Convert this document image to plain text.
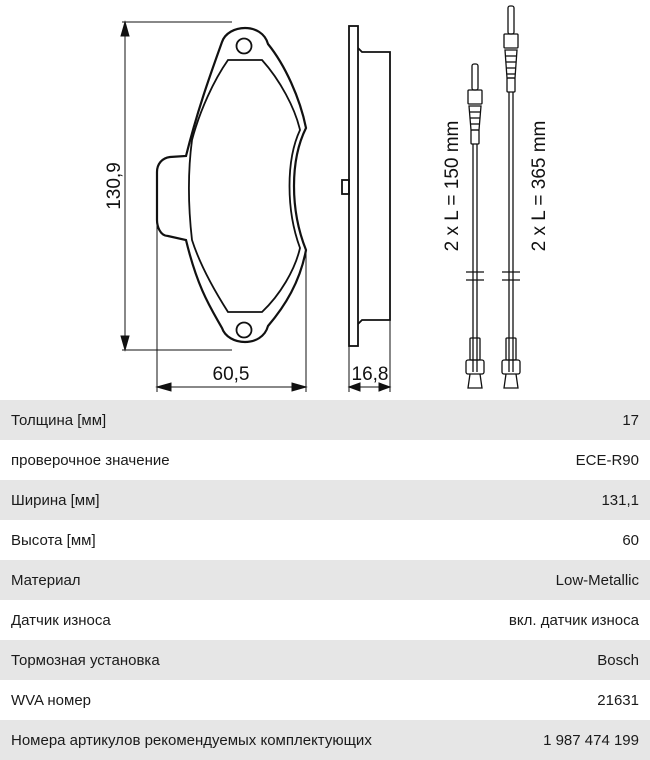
130,9
60,5	16,8
2 x L = 150 mm	2 x L = 365 mm
Толщина [мм]	17
проверочное значение	ECE-R90
Ширина [мм]	131,1
Высота [мм]	60
Материал	Low-Metallic
Датчик износа	вкл. датчик износа
Тормозная установка	Bosch
WVA номер	21631
Номера артикулов рекомендуемых комплектующих	1 987 474 199
